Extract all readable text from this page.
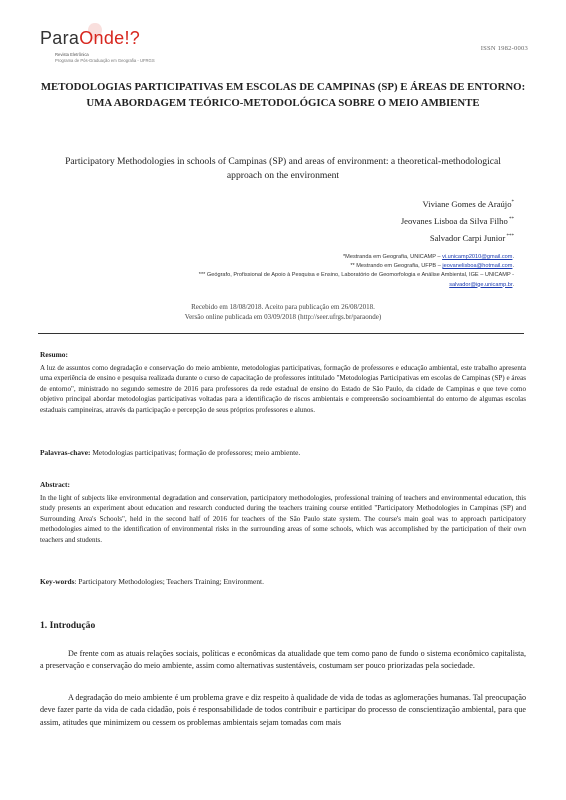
ParaOnde!?
Revista Eletrônica
Programa de Pós-Graduação em Geografia - UFRGS
ISSN 1982-0003
METODOLOGIAS PARTICIPATIVAS EM ESCOLAS DE CAMPINAS (SP) E ÁREAS DE ENTORNO: UMA ABORDAGEM TEÓRICO-METODOLÓGICA SOBRE O MEIO AMBIENTE
Participatory Methodologies in schools of Campinas (SP) and areas of environment: a theoretical-methodological approach on the environment
Viviane Gomes de Araújo*
Jeovanes Lisboa da Silva Filho **
Salvador Carpi Junior ***
*Mestranda em Geografia, UNICAMP – vi.unicamp2010@gmail.com.
** Mestrando em Geografia, UFPB – jeovanelisboa@hotmail.com.
*** Geógrafo, Profissional de Apoio à Pesquisa e Ensino, Laboratório de Geomorfologia e Análise Ambiental, IGE – UNICAMP -
salvador@ige.unicamp.br.
Recebido em 18/08/2018. Aceito para publicação em 26/08/2018.
Versão online publicada em 03/09/2018 (http://seer.ufrgs.br/paraonde)
Resumo:
A luz de assuntos como degradação e conservação do meio ambiente, metodologias participativas, formação de professores e educação ambiental, este trabalho apresenta uma experiência de ensino e pesquisa realizada durante o curso de capacitação de professores intitulado "Metodologias Participativas em escolas de Campinas (SP) e áreas de entorno", ministrado no segundo semestre de 2016 para professores da rede estadual de ensino do Estado de São Paulo, da cidade de Campinas e que teve como objetivo principal abordar metodologias participativas voltadas para a identificação de riscos ambientais e compreensão socioambiental do entorno de algumas escolas estaduais campineiras, através da participação e percepção de seus próprios professores e alunos.
Palavras-chave: Metodologias participativas; formação de professores; meio ambiente.
Abstract:
In the light of subjects like environmental degradation and conservation, participatory methodologies, professional training of teachers and environmental education, this study presents an experiment about education and research conducted during the teachers training course entitled "Participatory Methodologies in Campinas (SP) and Surrounding Area's Schools", held in the second half of 2016 for teachers of the São Paulo state system. The course's main goal was to approach participatory methodologies aimed to the identification of environmental risks in the surrounding areas of some schools, which was accomplished by the participation of their own teachers and students.
Key-words: Participatory Methodologies; Teachers Training; Environment.
1. Introdução
De frente com as atuais relações sociais, políticas e econômicas da atualidade que tem como pano de fundo o sistema econômico capitalista, a preservação e conservação do meio ambiente, assim como alternativas sustentáveis, costumam ser pouco priorizadas pela sociedade.
A degradação do meio ambiente é um problema grave e diz respeito à qualidade de vida de todas as aglomerações humanas. Tal preocupação deve fazer parte da vida de cada cidadão, pois é responsabilidade de todos contribuir e participar do processo de conscientização ambiental, para que assim, atitudes que minimizem ou cessem os problemas ambientais sejam tomadas com mais
